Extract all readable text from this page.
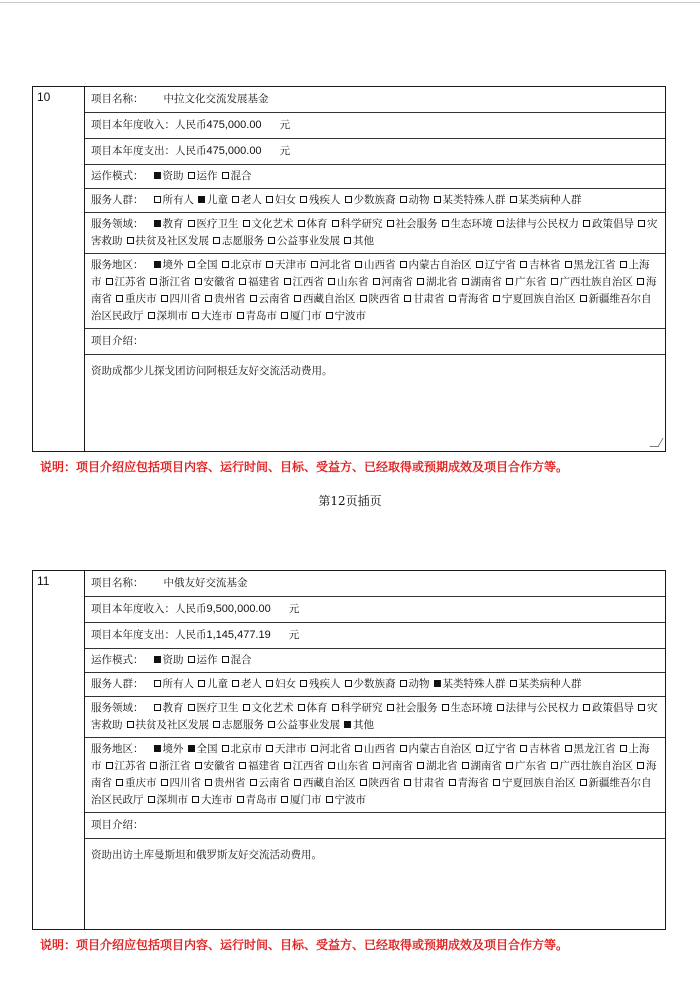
10	项目名称： 中拉文化交流发展基金
项目本年度收入：人民币475,000.00 元
项目本年度支出：人民币475,000.00 元
运作模式： 资助 运作 混合
服务人群： 所有人 儿童 老人 妇女 残疾人 少数族裔 动物 某类特殊人群 某类病种人群
服务领域： 教育 医疗卫生 文化艺术 体育 科学研究 社会服务 生态环境 法律与公民权力 政策倡导 灾害救助 扶贫及社区发展 志愿服务 公益事业发展 其他
服务地区： 境外 全国 北京市 天津市 河北省 山西省 内蒙古自治区 辽宁省 吉林省 黑龙江省 上海市 江苏省 浙江省 安徽省 福建省 江西省 山东省 河南省 湖北省 湖南省 广东省 广西壮族自治区 海南省 重庆市 四川省 贵州省 云南省 西藏自治区 陕西省 甘肃省 青海省 宁夏回族自治区 新疆维吾尔自治区民政厅 深圳市 大连市 青岛市 厦门市 宁波市
项目介绍：
资助成都少儿探戈团访问阿根廷友好交流活动费用。
说明：项目介绍应包括项目内容、运行时间、目标、受益方、已经取得或预期成效及项目合作方等。
第12页插页
11	项目名称： 中俄友好交流基金
项目本年度收入：人民币9,500,000.00 元
项目本年度支出：人民币1,145,477.19 元
运作模式： 资助 运作 混合
服务人群： 所有人 儿童 老人 妇女 残疾人 少数族裔 动物 某类特殊人群 某类病种人群
服务领域： 教育 医疗卫生 文化艺术 体育 科学研究 社会服务 生态环境 法律与公民权力 政策倡导 灾害救助 扶贫及社区发展 志愿服务 公益事业发展 其他
服务地区： 境外 全国 北京市 天津市 河北省 山西省 内蒙古自治区 辽宁省 吉林省 黑龙江省 上海市 江苏省 浙江省 安徽省 福建省 江西省 山东省 河南省 湖北省 湖南省 广东省 广西壮族自治区 海南省 重庆市 四川省 贵州省 云南省 西藏自治区 陕西省 甘肃省 青海省 宁夏回族自治区 新疆维吾尔自治区民政厅 深圳市 大连市 青岛市 厦门市 宁波市
项目介绍：
资助出访土库曼斯坦和俄罗斯友好交流活动费用。
说明：项目介绍应包括项目内容、运行时间、目标、受益方、已经取得或预期成效及项目合作方等。
